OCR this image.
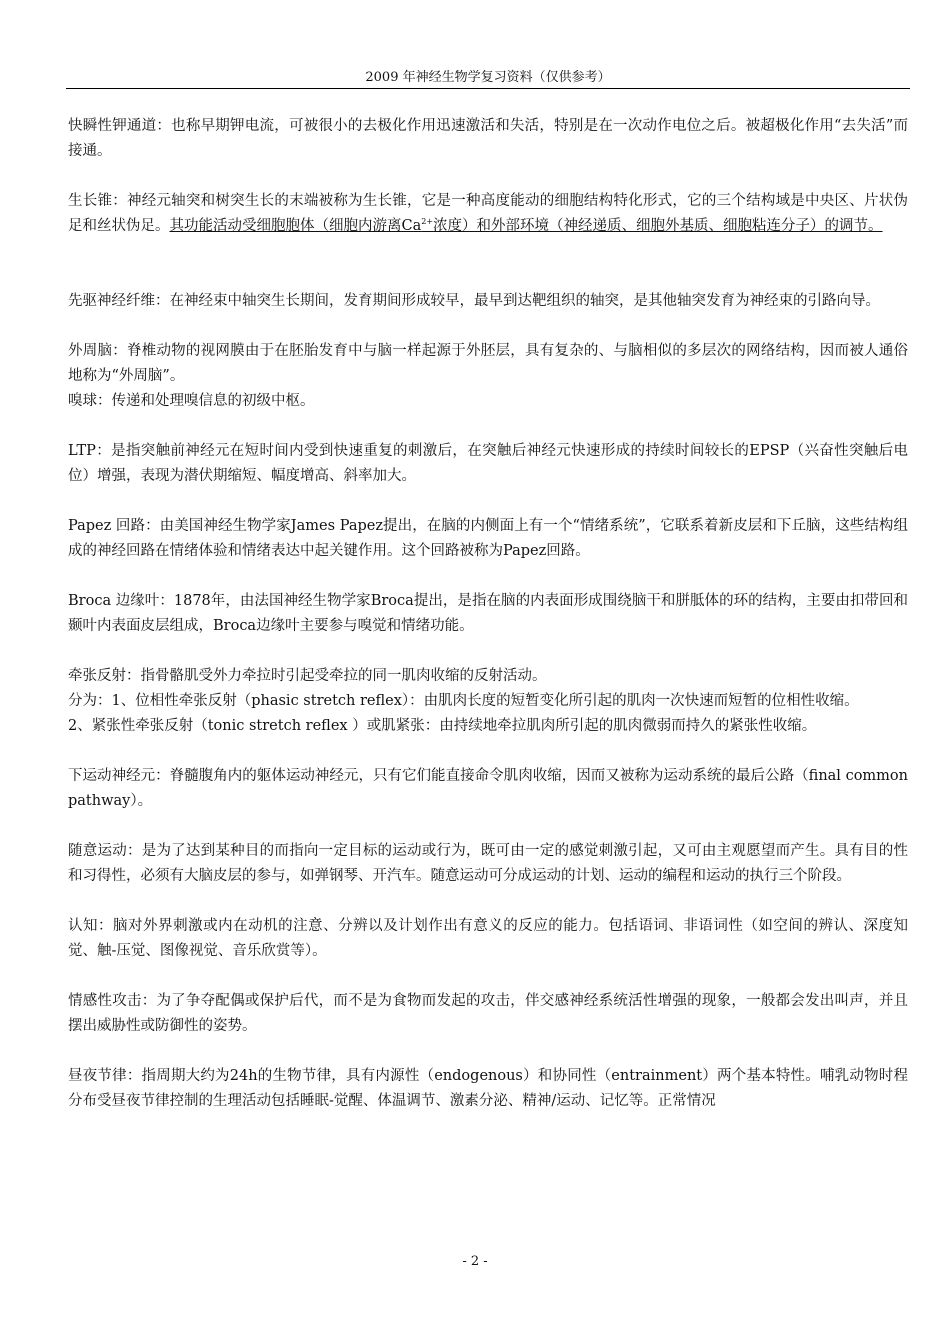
2009 年神经生物学复习资料（仅供参考）

快瞬性钾通道：也称早期钾电流，可被很小的去极化作用迅速激活和失活，特别是在一次动作电位之后。被超极化作用“去失活”而接通。

生长锥：神经元轴突和树突生长的末端被称为生长锥，它是一种高度能动的细胞结构特化形式，它的三个结构域是中央区、片状伪足和丝状伪足。其功能活动受细胞胞体（细胞内游离$Ca^{2+}$浓度）和外部环境（神经递质、细胞外基质、细胞粘连分子）的调节。

先驱神经纤维：在神经束中轴突生长期间，发育期间形成较早，最早到达靶组织的轴突，是其他轴突发育为神经束的引路向导。

外周脑：脊椎动物的视网膜由于在胚胎发育中与脑一样起源于外胚层，具有复杂的、与脑相似的多层次的网络结构，因而被人通俗地称为“外周脑”。

嗅球：传递和处理嗅信息的初级中枢。

LTP：是指突触前神经元在短时间内受到快速重复的刺激后，在突触后神经元快速形成的持续时间较长的EPSP（兴奋性突触后电位）增强，表现为潜伏期缩短、幅度增高、斜率加大。

Papez 回路：由美国神经生物学家James Papez提出，在脑的内侧面上有一个“情绪系统”，它联系着新皮层和下丘脑，这些结构组成的神经回路在情绪体验和情绪表达中起关键作用。这个回路被称为Papez回路。

Broca 边缘叶：1878年，由法国神经生物学家Broca提出，是指在脑的内表面形成围绕脑干和胼胝体的环的结构，主要由扣带回和颞叶内表面皮层组成，Broca边缘叶主要参与嗅觉和情绪功能。

牵张反射：指骨骼肌受外力牵拉时引起受牵拉的同一肌肉收缩的反射活动。

分为：1、位相性牵张反射（phasic stretch reflex）：由肌肉长度的短暂变化所引起的肌肉一次快速而短暂的位相性收缩。

2、紧张性牵张反射（tonic stretch reflex ）或肌紧张：由持续地牵拉肌肉所引起的肌肉微弱而持久的紧张性收缩。

下运动神经元：脊髓腹角内的躯体运动神经元，只有它们能直接命令肌肉收缩，因而又被称为运动系统的最后公路（final common pathway）。

随意运动：是为了达到某种目的而指向一定目标的运动或行为，既可由一定的感觉刺激引起，又可由主观愿望而产生。具有目的性和习得性，必须有大脑皮层的参与，如弹钢琴、开汽车。随意运动可分成运动的计划、运动的编程和运动的执行三个阶段。

认知：脑对外界刺激或内在动机的注意、分辨以及计划作出有意义的反应的能力。包括语词、非语词性（如空间的辨认、深度知觉、触-压觉、图像视觉、音乐欣赏等）。

情感性攻击：为了争夺配偶或保护后代，而不是为食物而发起的攻击，伴交感神经系统活性增强的现象，一般都会发出叫声，并且摆出威胁性或防御性的姿势。

昼夜节律：指周期大约为24h的生物节律，具有内源性（endogenous）和协同性（entrainment）两个基本特性。哺乳动物时程分布受昼夜节律控制的生理活动包括睡眠-觉醒、体温调节、激素分泌、精神/运动、记忆等。正常情况

- 2 -
